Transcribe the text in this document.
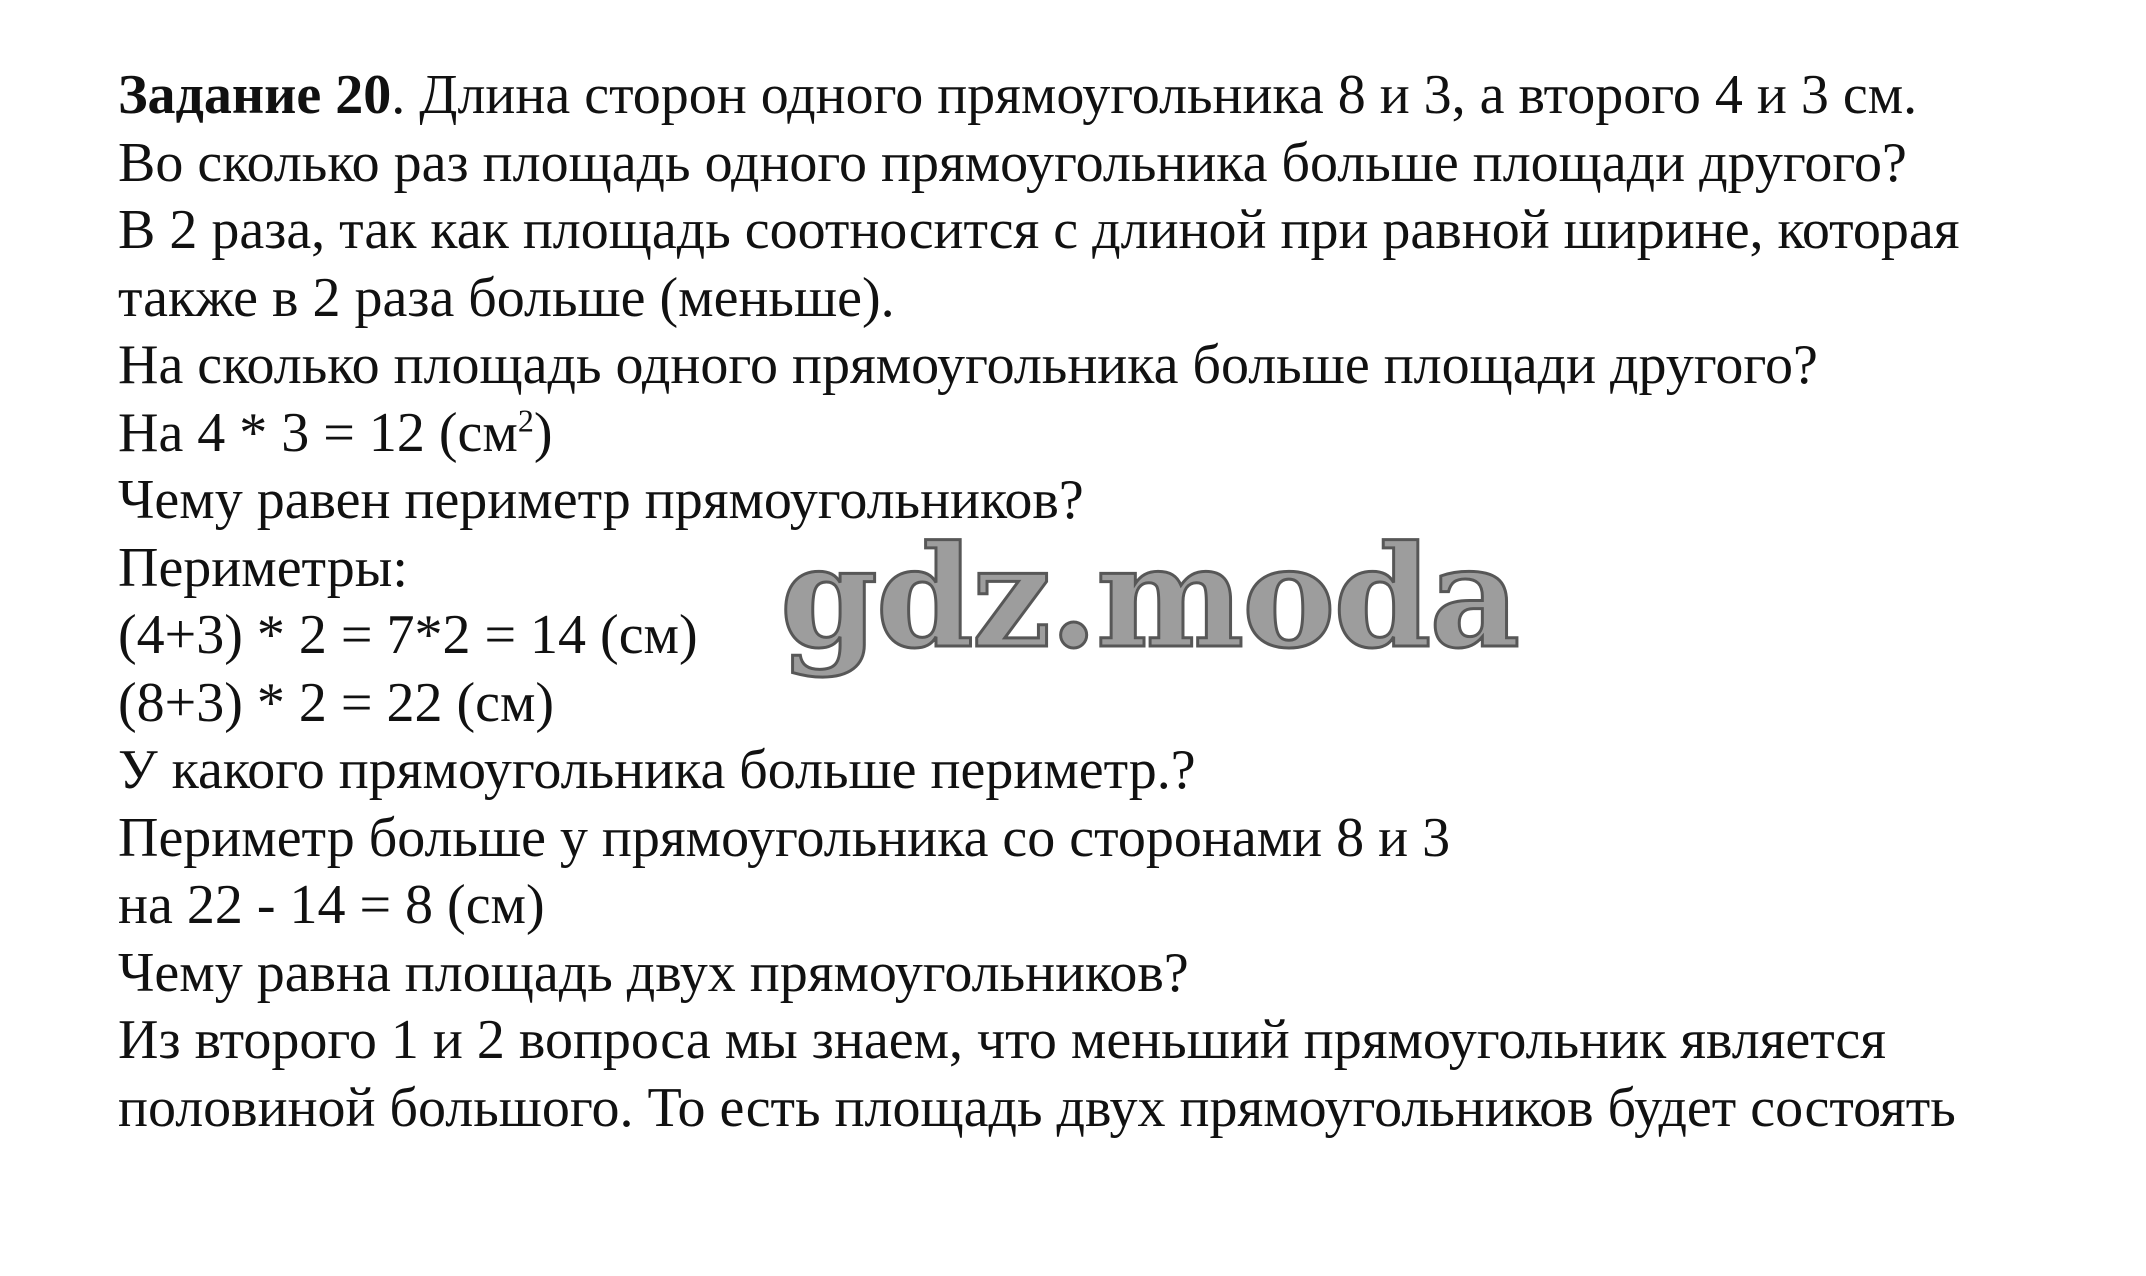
Задание 20. Длина сторон одного прямоугольника 8 и 3, а второго 4 и 3 см.
Во сколько раз площадь одного прямоугольника больше площади другого?
В 2 раза, так как площадь соотносится с длиной при равной ширине, которая
также в 2 раза больше (меньше).
На сколько площадь одного прямоугольника больше площади другого?
На 4 * 3 = 12 $(см^2)$
Чему равен периметр прямоугольников?
Периметры:
(4+3) * 2 = 7*2 = 14 (см)
(8+3) * 2 = 22 (см)
У какого прямоугольника больше периметр.?
Периметр больше у прямоугольника со сторонами 8 и 3
на 22 - 14 = 8 (см)
Чему равна площадь двух прямоугольников?
Из второго 1 и 2 вопроса мы знаем, что меньший прямоугольник является
половиной большого. То есть площадь двух прямоугольников будет состоять
gdz.moda
